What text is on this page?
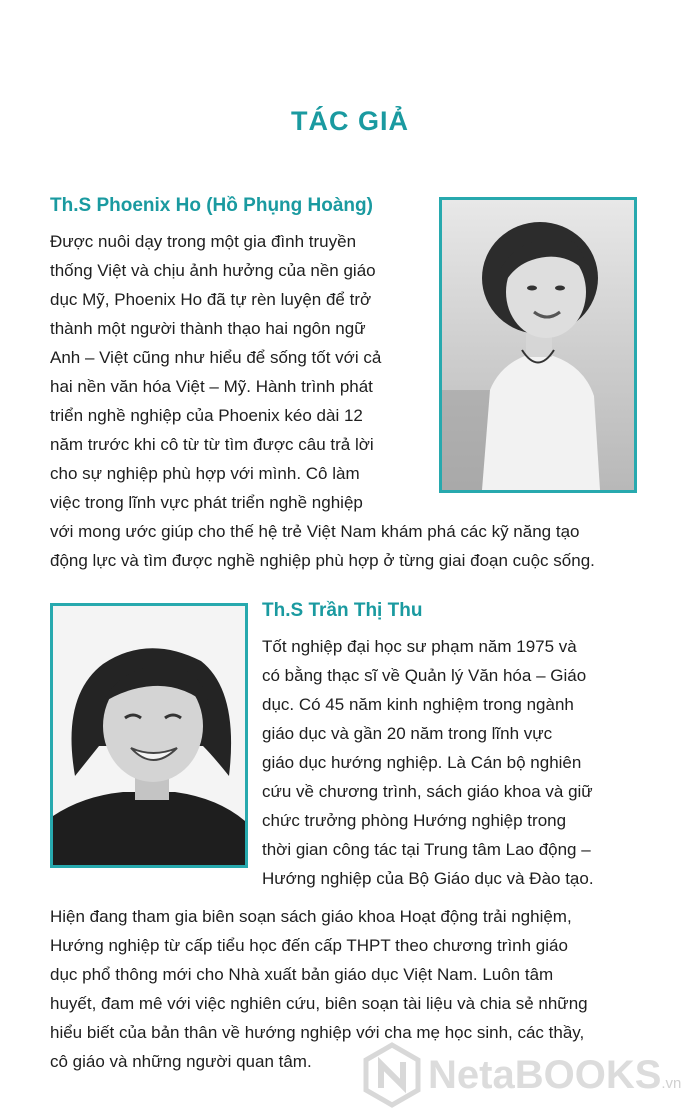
TÁC GIẢ
Th.S Phoenix Ho (Hồ Phụng Hoàng)
Được nuôi dạy trong một gia đình truyền
thống Việt và chịu ảnh hưởng của nền giáo
dục Mỹ, Phoenix Ho đã tự rèn luyện để trở
thành một người thành thạo hai ngôn ngữ
Anh – Việt cũng như hiểu để sống tốt với cả
hai nền văn hóa Việt – Mỹ. Hành trình phát
triển nghề nghiệp của Phoenix kéo dài 12
năm trước khi cô từ từ tìm được câu trả lời
cho sự nghiệp phù hợp với mình. Cô làm
việc trong lĩnh vực phát triển nghề nghiệp
với mong ước giúp cho thế hệ trẻ Việt Nam khám phá các kỹ năng tạo
động lực và tìm được nghề nghiệp phù hợp ở từng giai đoạn cuộc sống.
Th.S Trần Thị Thu
Tốt nghiệp đại học sư phạm năm 1975 và
có bằng thạc sĩ về Quản lý Văn hóa – Giáo
dục. Có 45 năm kinh nghiệm trong ngành
giáo dục và gần 20 năm trong lĩnh vực
giáo dục hướng nghiệp. Là Cán bộ nghiên
cứu về chương trình, sách giáo khoa và giữ
chức trưởng phòng Hướng nghiệp trong
thời gian công tác tại Trung tâm Lao động –
Hướng nghiệp của Bộ Giáo dục và Đào tạo.
Hiện đang tham gia biên soạn sách giáo khoa Hoạt động trải nghiệm,
Hướng nghiệp từ cấp tiểu học đến cấp THPT theo chương trình giáo
dục phổ thông mới cho Nhà xuất bản giáo dục Việt Nam. Luôn tâm
huyết, đam mê với việc nghiên cứu, biên soạn tài liệu và chia sẻ những
hiểu biết của bản thân về hướng nghiệp với cha mẹ học sinh, các thầy,
cô giáo và những người quan tâm.	NetaBOOKS.vn
